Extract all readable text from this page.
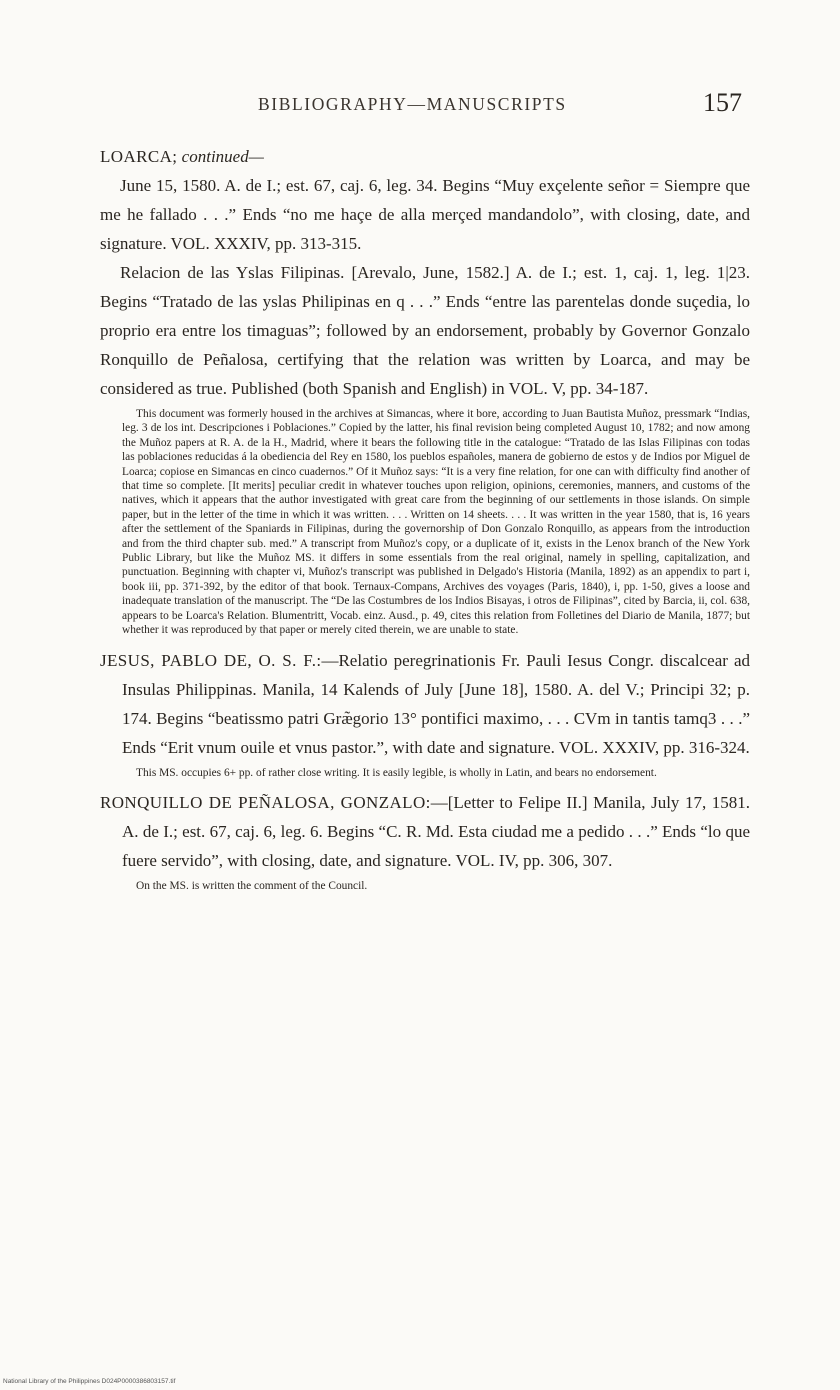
BIBLIOGRAPHY—MANUSCRIPTS	157
LOARCA; continued—

June 15, 1580. A. de I.; est. 67, caj. 6, leg. 34. Begins “Muy exçelente señor = Siempre que me he fallado . . .” Ends “no me haçe de alla merçed mandandolo”, with closing, date, and signature. VOL. XXXIV, pp. 313-315.

Relacion de las Yslas Filipinas. [Arevalo, June, 1582.] A. de I.; est. 1, caj. 1, leg. 1|23. Begins “Tratado de las yslas Philipinas en q . . .” Ends “entre las parentelas donde suçedia, lo proprio era entre los timaguas”; followed by an endorsement, probably by Governor Gonzalo Ronquillo de Peñalosa, certifying that the relation was written by Loarca, and may be considered as true. Published (both Spanish and English) in VOL. V, pp. 34-187.

This document was formerly housed in the archives at Simancas, where it bore, according to Juan Bautista Muñoz, pressmark “Indias, leg. 3 de los int. Descripciones i Poblaciones.” Copied by the latter, his final revision being completed August 10, 1782; and now among the Muñoz papers at R. A. de la H., Madrid, where it bears the following title in the catalogue: “Tratado de las Islas Filipinas con todas las poblaciones reducidas á la obediencia del Rey en 1580, los pueblos españoles, manera de gobierno de estos y de Indios por Miguel de Loarca; copiose en Simancas en cinco cuadernos.” Of it Muñoz says: “It is a very fine relation, for one can with difficulty find another of that time so complete. [It merits] peculiar credit in whatever touches upon religion, opinions, ceremonies, manners, and customs of the natives, which it appears that the author investigated with great care from the beginning of our settlements in those islands. On simple paper, but in the letter of the time in which it was written. . . . Written on 14 sheets. . . . It was written in the year 1580, that is, 16 years after the settlement of the Spaniards in Filipinas, during the governorship of Don Gonzalo Ronquillo, as appears from the introduction and from the third chapter sub. med.” A transcript from Muñoz's copy, or a duplicate of it, exists in the Lenox branch of the New York Public Library, but like the Muñoz MS. it differs in some essentials from the real original, namely in spelling, capitalization, and punctuation. Beginning with chapter vi, Muñoz's transcript was published in Delgado's Historia (Manila, 1892) as an appendix to part i, book iii, pp. 371-392, by the editor of that book. Ternaux-Compans, Archives des voyages (Paris, 1840), i, pp. 1-50, gives a loose and inadequate translation of the manuscript. The “De las Costumbres de los Indios Bisayas, i otros de Filipinas”, cited by Barcia, ii, col. 638, appears to be Loarca's Relation. Blumentritt, Vocab. einz. Ausd., p. 49, cites this relation from Folletines del Diario de Manila, 1877; but whether it was reproduced by that paper or merely cited therein, we are unable to state.

JESUS, PABLO DE, O. S. F.:—Relatio peregrinationis Fr. Pauli Iesus Congr. discalcear ad Insulas Philippinas. Manila, 14 Kalends of July [June 18], 1580. A. del V.; Principi 32; p. 174. Begins “beatissmo patri Græ̃gorio 13° pontifici maximo, . . . CVm in tantis tamq3 . . .” Ends “Erit vnum ouile et vnus pastor.”, with date and signature. VOL. XXXIV, pp. 316-324.

This MS. occupies 6+ pp. of rather close writing. It is easily legible, is wholly in Latin, and bears no endorsement.

RONQUILLO DE PEÑALOSA, GONZALO:—[Letter to Felipe II.] Manila, July 17, 1581. A. de I.; est. 67, caj. 6, leg. 6. Begins “C. R. Md. Esta ciudad me a pedido . . .” Ends “lo que fuere servido”, with closing, date, and signature. VOL. IV, pp. 306, 307.

On the MS. is written the comment of the Council.

National Library of the Philippines D024P0000386803157.tif
